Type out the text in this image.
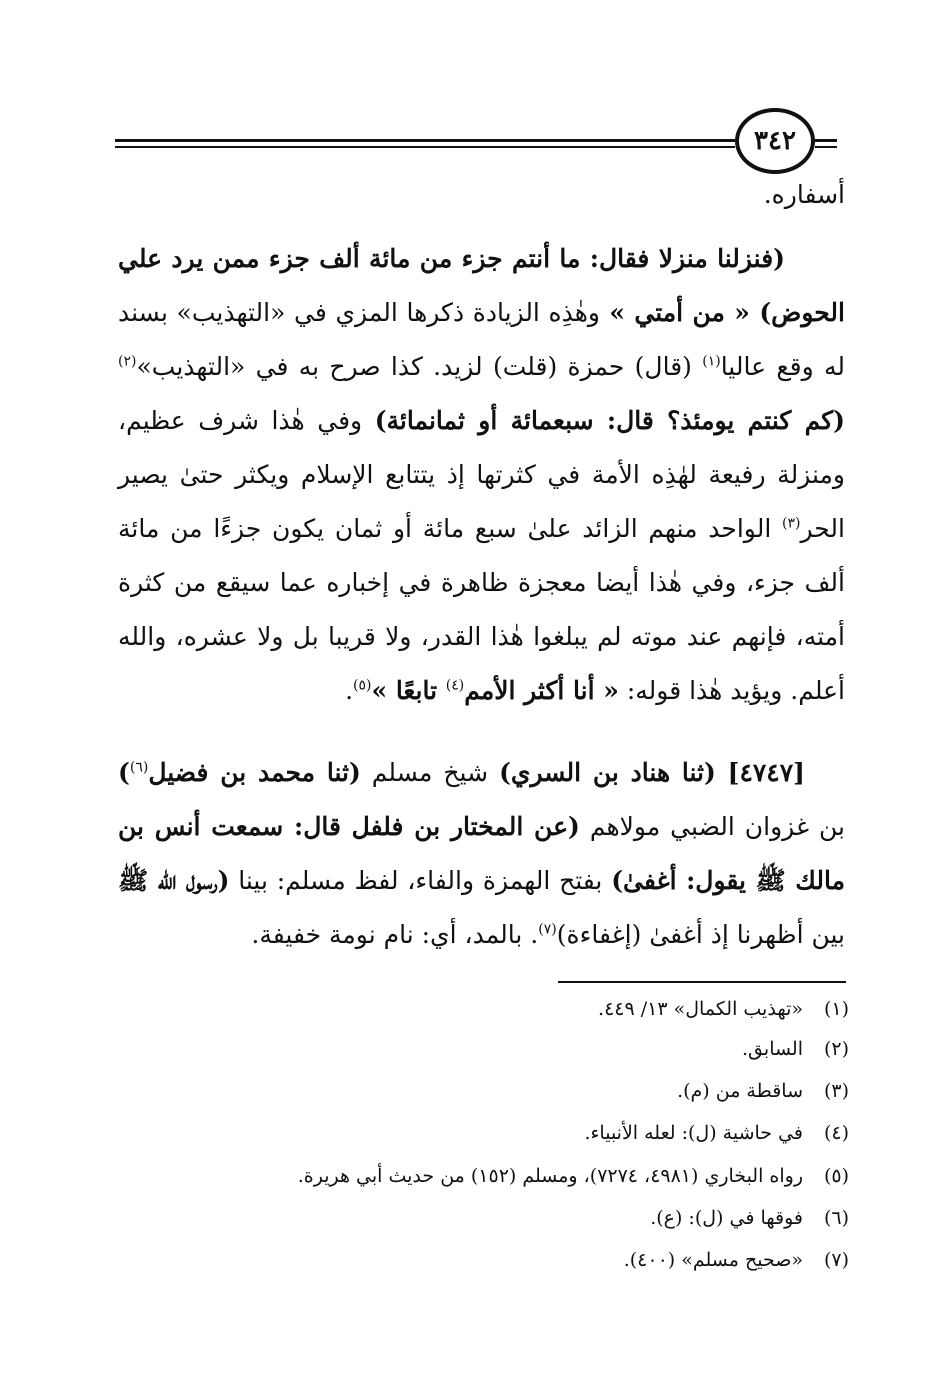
٣٤٢
أسفاره.
(فنزلنا منزلا فقال: ما أنتم جزء من مائة ألف جزء ممن يرد علي الحوض) « من أمتي » وهٰذِه الزيادة ذكرها المزي في «التهذيب» بسند له وقع عاليا$^{(١)}$ (قال) حمزة (قلت) لزيد. كذا صرح به في «التهذيب»$^{(٢)}$ (كم كنتم يومئذ؟ قال: سبعمائة أو ثمانمائة) وفي هٰذا شرف عظيم، ومنزلة رفيعة لهٰذِه الأمة في كثرتها إذ يتتابع الإسلام ويكثر حتىٰ يصير الحر$^{(٣)}$ الواحد منهم الزائد علىٰ سبع مائة أو ثمان يكون جزءًا من مائة ألف جزء، وفي هٰذا أيضا معجزة ظاهرة في إخباره عما سيقع من كثرة أمته، فإنهم عند موته لم يبلغوا هٰذا القدر، ولا قريبا بل ولا عشره، والله أعلم. ويؤيد هٰذا قوله: « أنا أكثر الأمم$^{(٤)}$ تابعًا »$^{(٥)}$.
[٤٧٤٧] (ثنا هناد بن السري) شيخ مسلم (ثنا محمد بن فضيل$^{(٦)}$) بن غزوان الضبي مولاهم (عن المختار بن فلفل قال: سمعت أنس بن مالك ﷺ يقول: أغفىٰ) بفتح الهمزة والفاء، لفظ مسلم: بينا (رسول الله ﷺ بين أظهرنا إذ أغفىٰ (إغفاءة)$^{(٧)}$. بالمد، أي: نام نومة خفيفة.
(١)«تهذيب الكمال» ١٣/ ٤٤٩.
(٢)السابق.
(٣)ساقطة من (م).
(٤)في حاشية (ل): لعله الأنبياء.
(٥)رواه البخاري (٤٩٨١، ٧٢٧٤)، ومسلم (١٥٢) من حديث أبي هريرة.
(٦)فوقها في (ل): (ع).
(٧)«صحيح مسلم» (٤٠٠).
